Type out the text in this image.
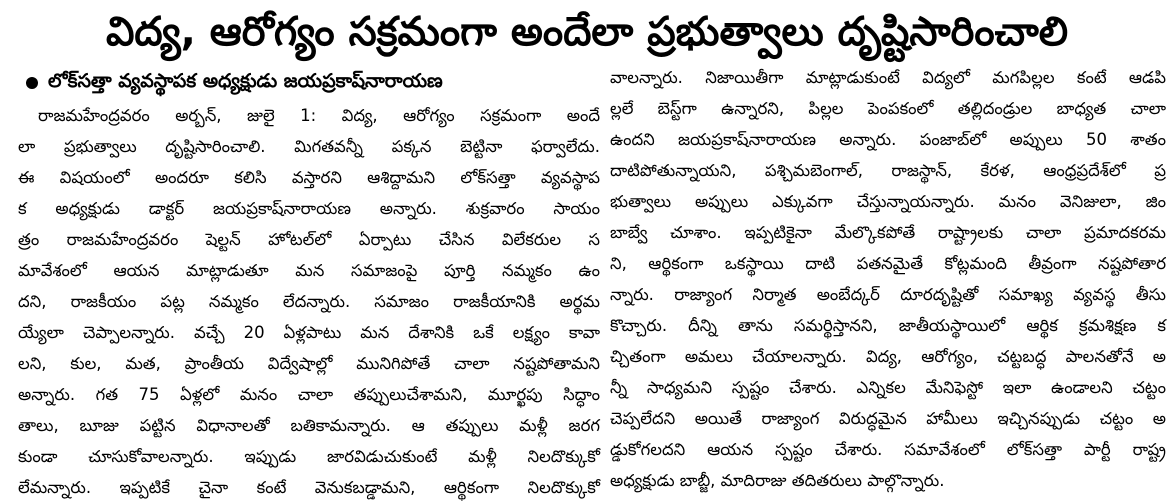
విద్య, ఆరోగ్యం సక్రమంగా అందేలా ప్రభుత్వాలు దృష్టిసారించాలి
లోక్‌సత్తా వ్యవస్థాపక అధ్యక్షుడు జయప్రకాష్‌నారాయణ
రాజమహేంద్రవరం అర్బన్, జులై 1: విద్య, ఆరోగ్యం సక్రమంగా అందే
లా ప్రభుత్వాలు దృష్టిసారించాలి. మిగతవన్నీ పక్కన బెట్టినా ఫర్వాలేదు.
ఈ విషయంలో అందరూ కలిసి వస్తారని ఆశిద్దామని లోక్‌సత్తా వ్యవస్థాప
క అధ్యక్షుడు డాక్టర్ జయప్రకాష్‌నారాయణ అన్నారు. శుక్రవారం సాయం
త్రం రాజమహేంద్రవరం షెల్టన్ హోటల్‌లో ఏర్పాటు చేసిన విలేకరుల స
మావేశంలో ఆయన మాట్లాడుతూ మన సమాజంపై పూర్తి నమ్మకం ఉం
దని, రాజకీయం పట్ల నమ్మకం లేదన్నారు. సమాజం రాజకీయానికి అర్థమ
య్యేలా చెప్పాలన్నారు. వచ్చే 20 ఏళ్లపాటు మన దేశానికి ఒకే లక్ష్యం కావా
లని, కుల, మత, ప్రాంతీయ విద్వేషాల్లో మునిగిపోతే చాలా నష్టపోతామని
అన్నారు. గత 75 ఏళ్లలో మనం చాలా తప్పులుచేశామని, మూర్ఖపు సిద్ధాం
తాలు, బూజు పట్టిన విధానాలతో బతికామన్నారు. ఆ తప్పులు మళ్లీ జరగ
కుండా చూసుకోవాలన్నారు. ఇప్పుడు జారవిడుచుకుంటే మళ్లీ నిలదొక్కుకో
లేమన్నారు. ఇప్పటికే చైనా కంటే వెనుకబడ్డామని, ఆర్థికంగా నిలదొక్కుకో
వాలన్నారు. నిజాయితీగా మాట్లాడుకుంటే విద్యలో మగపిల్లల కంటే ఆడపి
ల్లలే బెస్ట్‌గా ఉన్నారని, పిల్లల పెంపకంలో తల్లిదండ్రుల బాధ్యత చాలా
ఉందని జయప్రకాష్‌నారాయణ అన్నారు. పంజాబ్‌లో అప్పులు 50 శాతం
దాటిపోతున్నాయని, పశ్చిమబెంగాల్, రాజస్థాన్, కేరళ, ఆంధ్రప్రదేశ్‌లో ప్ర
భుత్వాలు అప్పులు ఎక్కువగా చేస్తున్నాయన్నారు. మనం వెనిజులా, జిం
బాబ్వే చూశాం. ఇప్పటికైనా మేల్కొకపోతే రాష్ట్రాలకు చాలా ప్రమాదకరమ
ని, ఆర్థికంగా ఒకస్థాయి దాటి పతనమైతే కోట్లమంది తీవ్రంగా నష్టపోతార
న్నారు. రాజ్యాంగ నిర్మాత అంబేద్కర్ దూరదృష్టితో సమాఖ్య వ్యవస్థ తీసు
కొచ్చారు. దీన్ని తాను సమర్థిస్తానని, జాతీయస్థాయిలో ఆర్థిక క్రమశిక్షణ క
చ్చితంగా అమలు చేయాలన్నారు. విద్య, ఆరోగ్యం, చట్టబద్ధ పాలనతోనే అ
న్నీ సాధ్యమని స్పష్టం చేశారు. ఎన్నికల మేనిఫెస్టో ఇలా ఉండాలని చట్టం
చెప్పలేదని అయితే రాజ్యాంగ విరుద్ధమైన హామీలు ఇచ్చినప్పుడు చట్టం అ
డ్డుకోగలదని ఆయన స్పష్టం చేశారు. సమావేశంలో లోక్‌సత్తా పార్టీ రాష్ట్ర
అధ్యక్షుడు బాబ్జీ, మాదిరాజు తదితరులు పాల్గొన్నారు.
